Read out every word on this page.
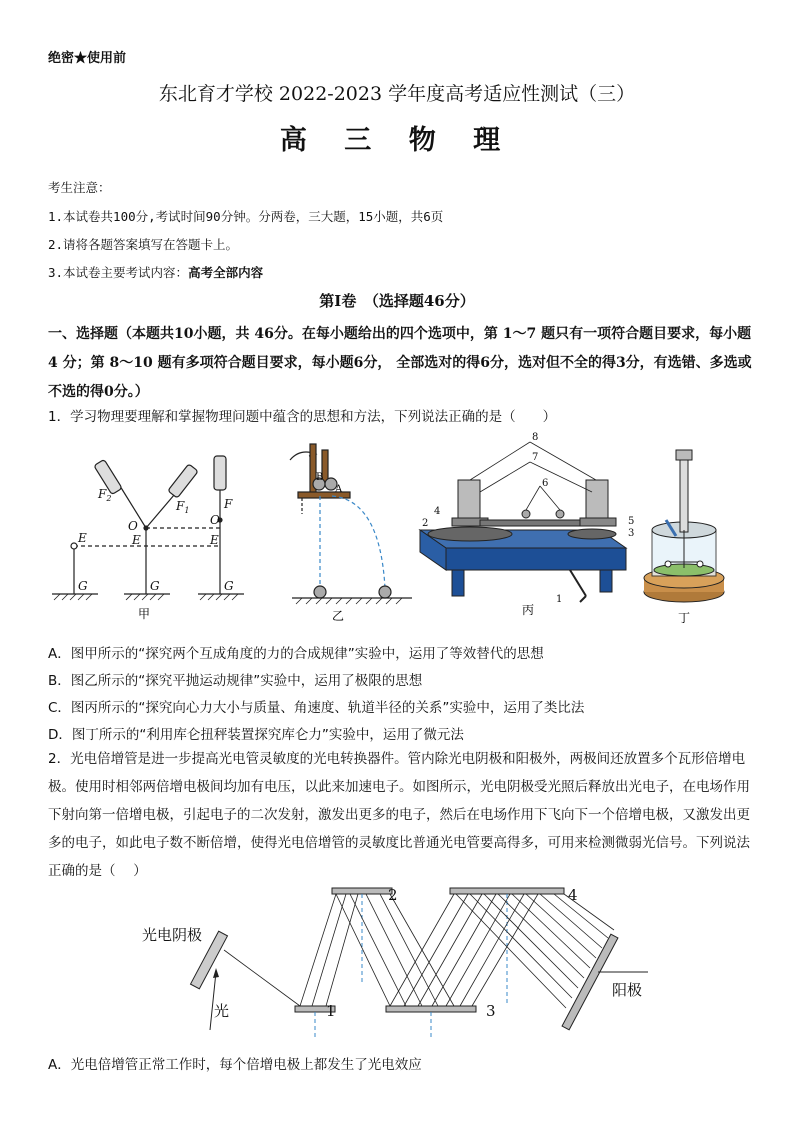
绝密★使用前
东北育才学校 2022-2023 学年度高考适应性测试（三）
高 三 物 理
考生注意：
1.本试卷共100分,考试时间90分钟。分两卷，三大题，15小题，共6页
2.请将各题答案填写在答题卡上。
3.本试卷主要考试内容：高考全部内容
第Ⅰ卷　（选择题46分）
一、选择题（本题共10小题，共 46分。在每小题给出的四个选项中，第 1～7 题只有一项符合题目要求，每小题 4 分；第 8～10 题有多项符合题目要求，每小题6分， 全部选对的得6分，选对但不全的得3分，有选错、多选或不选的得0分。）
1．学习物理要理解和掌握物理问题中蕴含的思想和方法，下列说法正确的是（　　）
$F_2$
$F_1$	F
O	O
E	E	E
G	G	G
甲
B
A
乙
8
7
6
4
2	5
3
1
丙
丁
A．图甲所示的“探究两个互成角度的力的合成规律”实验中，运用了等效替代的思想
B．图乙所示的“探究平抛运动规律”实验中，运用了极限的思想
C．图丙所示的“探究向心力大小与质量、角速度、轨道半径的关系”实验中，运用了类比法
D．图丁所示的“利用库仑扭秤装置探究库仑力”实验中，运用了微元法
2．光电倍增管是进一步提高光电管灵敏度的光电转换器件。管内除光电阴极和阳极外，两极间还放置多个瓦形倍增电极。使用时相邻两倍增电极间均加有电压，以此来加速电子。如图所示，光电阴极受光照后释放出光电子，在电场作用下射向第一倍增电极，引起电子的二次发射，激发出更多的电子，然后在电场作用下飞向下一个倍增电极，又激发出更多的电子，如此电子数不断倍增，使得光电倍增管的灵敏度比普通光电管要高得多，可用来检测微弱光信号。下列说法正确的是（　 ）
光电阴极
光
阳极
1
2
3
4
A．光电倍增管正常工作时，每个倍增电极上都发生了光电效应
